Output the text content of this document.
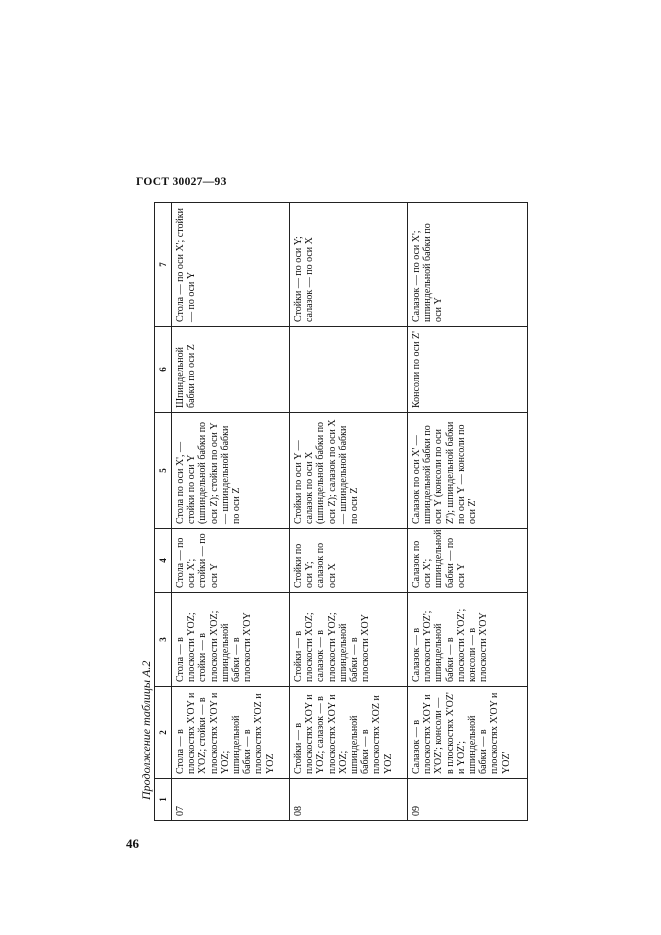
ГОСТ 30027—93
Продолжение таблицы А.2
46
1	2	3	4	5	6	7
07	Стола — в плоскостях X'OY и X'OZ; стойки — в плоскостях X'OY и YOZ; шпиндельной бабки — в плоскостях X'OZ и YOZ	Стола — в плоскости YOZ; стойки — в плоскости X'OZ; шпиндельной бабки — в плоскости X'OY	Стола — по оси X'; стойки — по оси Y	Стола по оси X', — стойки по оси Y (шпиндельной бабки по оси Z); стойки по оси Y — шпиндельной бабки по оси Z	Шпиндельной бабки по оси Z	Стола — по оси X'; стойки — по оси Y
08	Стойки — в плоскостях XOY и YOZ; салазок — в плоскостях XOY и XOZ; шпиндельной бабки — в плоскостях XOZ и YOZ	Стойки — в плоскости XOZ; салазок — в плоскости YOZ; шпиндельной бабки — в плоскости XOY	Стойки по оси Y; салазок по оси X	Стойки по оси Y — салазок по оси X (шпиндельной бабки по оси Z); салазок по оси X — шпиндельной бабки по оси Z		Стойки — по оси Y; салазок — по оси X
09	Салазок — в плоскостях XOY и X'OZ'; консоли — в плоскостях X'OZ' и YOZ'; шпиндельной бабки — в плоскостях X'OY и YOZ'	Салазок — в плоскости YOZ'; шпиндельной бабки — в плоскости X'OZ'; консоли — в плоскости X'OY	Салазок по оси X'; шпиндельной бабки — по оси Y	Салазок по оси X' — шпиндельной бабки по оси Y (консоли по оси Z'); шпиндельной бабки по оси Y — консоли по оси Z'	Консоли по оси Z'	Салазок — по оси X'; шпиндельной бабки по оси Y
